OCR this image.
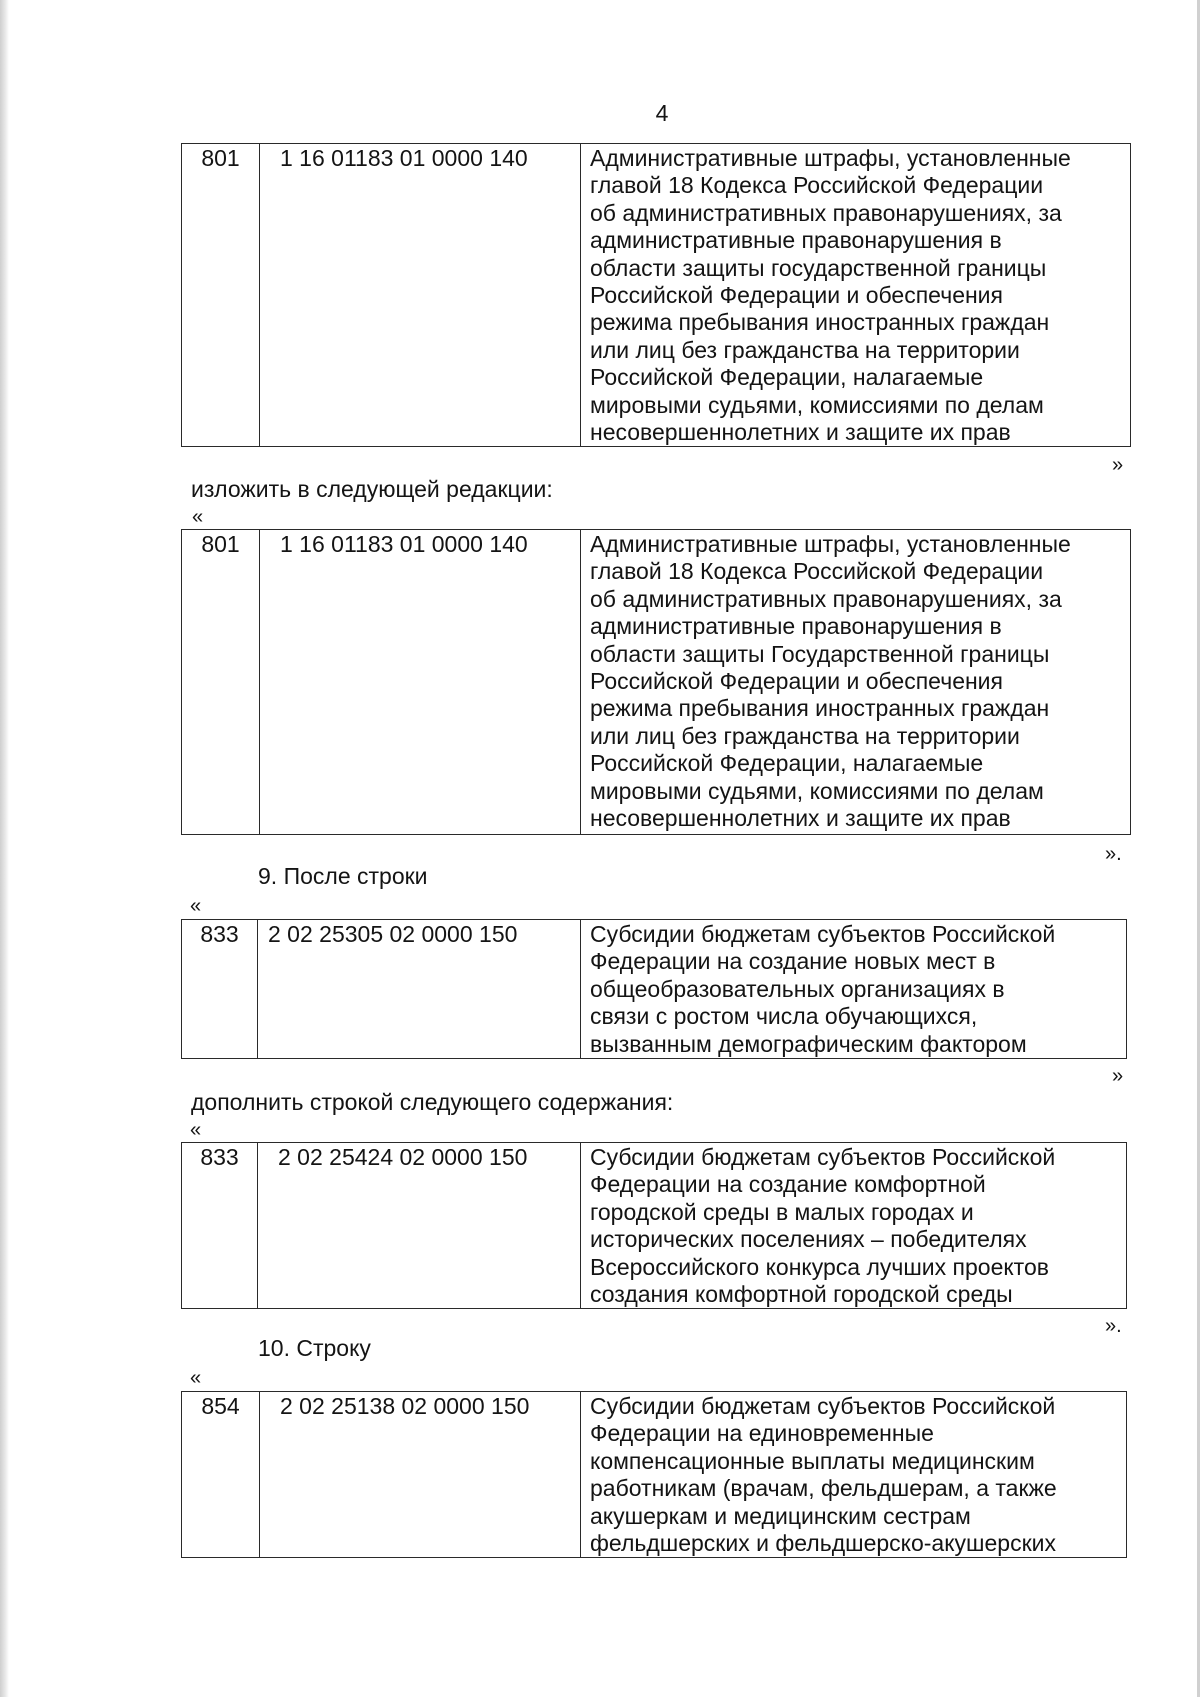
4
801	1 16 01183 01 0000 140	Административные штрафы, установленные
главой 18 Кодекса Российской Федерации
об административных правонарушениях, за
административные правонарушения в
области защиты государственной границы
Российской Федерации и обеспечения
режима пребывания иностранных граждан
или лиц без гражданства на территории
Российской Федерации, налагаемые
мировыми судьями, комиссиями по делам
несовершеннолетних и защите их прав
»
изложить в следующей редакции:
«
801	1 16 01183 01 0000 140	Административные штрафы, установленные
главой 18 Кодекса Российской Федерации
об административных правонарушениях, за
административные правонарушения в
области защиты Государственной границы
Российской Федерации и обеспечения
режима пребывания иностранных граждан
или лиц без гражданства на территории
Российской Федерации, налагаемые
мировыми судьями, комиссиями по делам
несовершеннолетних и защите их прав
».
9. После строки
«
833	2 02 25305 02 0000 150	Субсидии бюджетам субъектов Российской
Федерации на создание новых мест в
общеобразовательных организациях в
связи с ростом числа обучающихся,
вызванным демографическим фактором
»
дополнить строкой следующего содержания:
«
833	2 02 25424 02 0000 150	Субсидии бюджетам субъектов Российской
Федерации на создание комфортной
городской среды в малых городах и
исторических поселениях – победителях
Всероссийского конкурса лучших проектов
создания комфортной городской среды
».
10. Строку
«
854	2 02 25138 02 0000 150	Субсидии бюджетам субъектов Российской
Федерации на единовременные
компенсационные выплаты медицинским
работникам (врачам, фельдшерам, а также
акушеркам и медицинским сестрам
фельдшерских и фельдшерско-акушерских
